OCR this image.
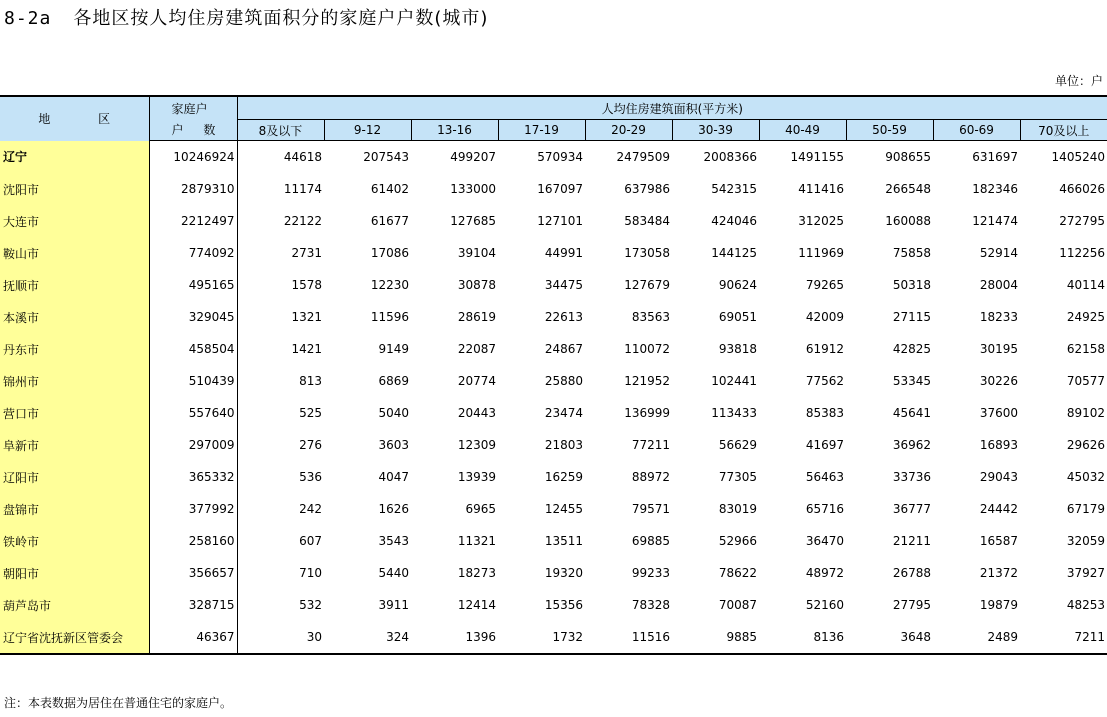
8-2a 各地区按人均住房建筑面积分的家庭户户数(城市)
单位：户
地 区	家庭户	人均住房建筑面积(平方米)									
	户 数	8及以下	9-12	13-16	17-19	20-29	30-39	40-49	50-59	60-69	70及以上
辽宁	10246924	44618	207543	499207	570934	2479509	2008366	1491155	908655	631697	1405240
沈阳市	2879310	11174	61402	133000	167097	637986	542315	411416	266548	182346	466026
大连市	2212497	22122	61677	127685	127101	583484	424046	312025	160088	121474	272795
鞍山市	774092	2731	17086	39104	44991	173058	144125	111969	75858	52914	112256
抚顺市	495165	1578	12230	30878	34475	127679	90624	79265	50318	28004	40114
本溪市	329045	1321	11596	28619	22613	83563	69051	42009	27115	18233	24925
丹东市	458504	1421	9149	22087	24867	110072	93818	61912	42825	30195	62158
锦州市	510439	813	6869	20774	25880	121952	102441	77562	53345	30226	70577
营口市	557640	525	5040	20443	23474	136999	113433	85383	45641	37600	89102
阜新市	297009	276	3603	12309	21803	77211	56629	41697	36962	16893	29626
辽阳市	365332	536	4047	13939	16259	88972	77305	56463	33736	29043	45032
盘锦市	377992	242	1626	6965	12455	79571	83019	65716	36777	24442	67179
铁岭市	258160	607	3543	11321	13511	69885	52966	36470	21211	16587	32059
朝阳市	356657	710	5440	18273	19320	99233	78622	48972	26788	21372	37927
葫芦岛市	328715	532	3911	12414	15356	78328	70087	52160	27795	19879	48253
辽宁省沈抚新区管委会	46367	30	324	1396	1732	11516	9885	8136	3648	2489	7211
注：本表数据为居住在普通住宅的家庭户。
